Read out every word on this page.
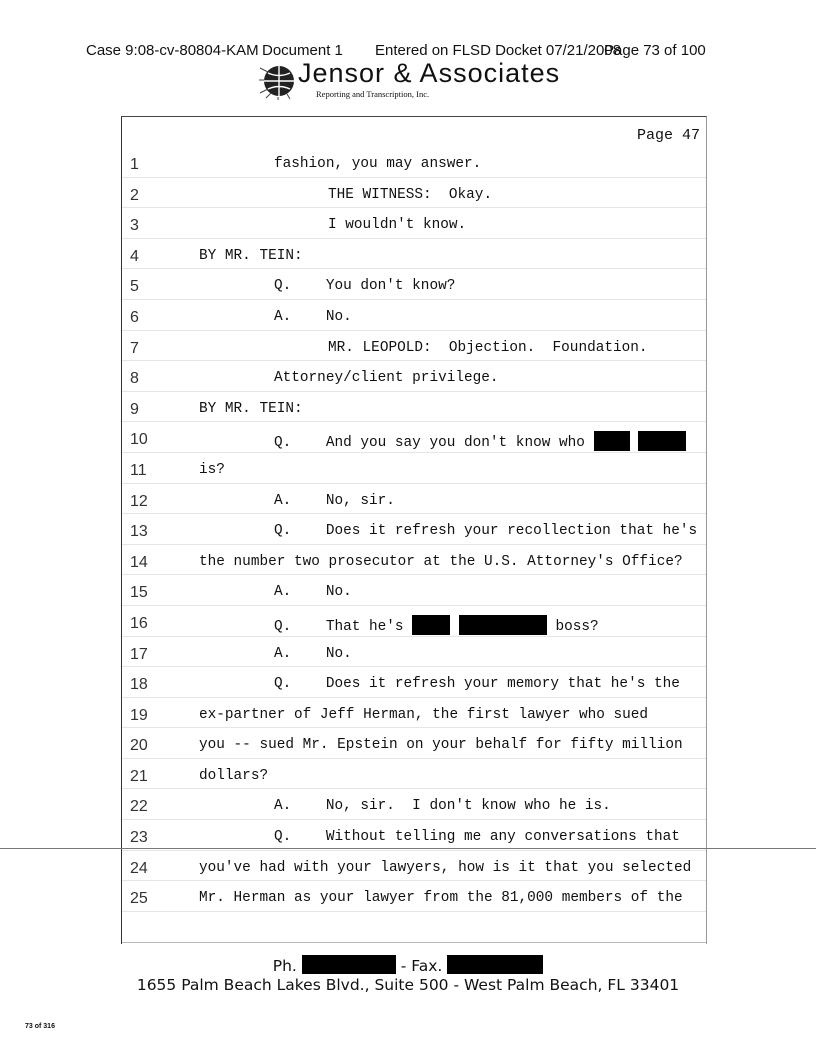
Case 9:08-cv-80804-KAM Document 1 Entered on FLSD Docket 07/21/2008
Page 73 of 100
Jensor & Associates
Reporting and Transcription, Inc.
Page 47
1	fashion, you may answer.
2	THE WITNESS:  Okay.
3	I wouldn't know.
4	BY MR. TEIN:
5	Q.    You don't know?
6	A.    No.
7	MR. LEOPOLD:  Objection.  Foundation.
8	Attorney/client privilege.
9	BY MR. TEIN:
10	Q.    And you say you don't know who
11	is?
12	A.    No, sir.
13	Q.    Does it refresh your recollection that he's
14	the number two prosecutor at the U.S. Attorney's Office?
15	A.    No.
16	Q.    That he's	boss?
17	A.    No.
18	Q.    Does it refresh your memory that he's the
19	ex-partner of Jeff Herman, the first lawyer who sued
20	you -- sued Mr. Epstein on your behalf for fifty million
21	dollars?
22	A.    No, sir.  I don't know who he is.
23	Q.    Without telling me any conversations that
24	you've had with your lawyers, how is it that you selected
25	Mr. Herman as your lawyer from the 81,000 members of the
Ph.	- Fax.
1655 Palm Beach Lakes Blvd., Suite 500 - West Palm Beach, FL 33401
73 of 316
